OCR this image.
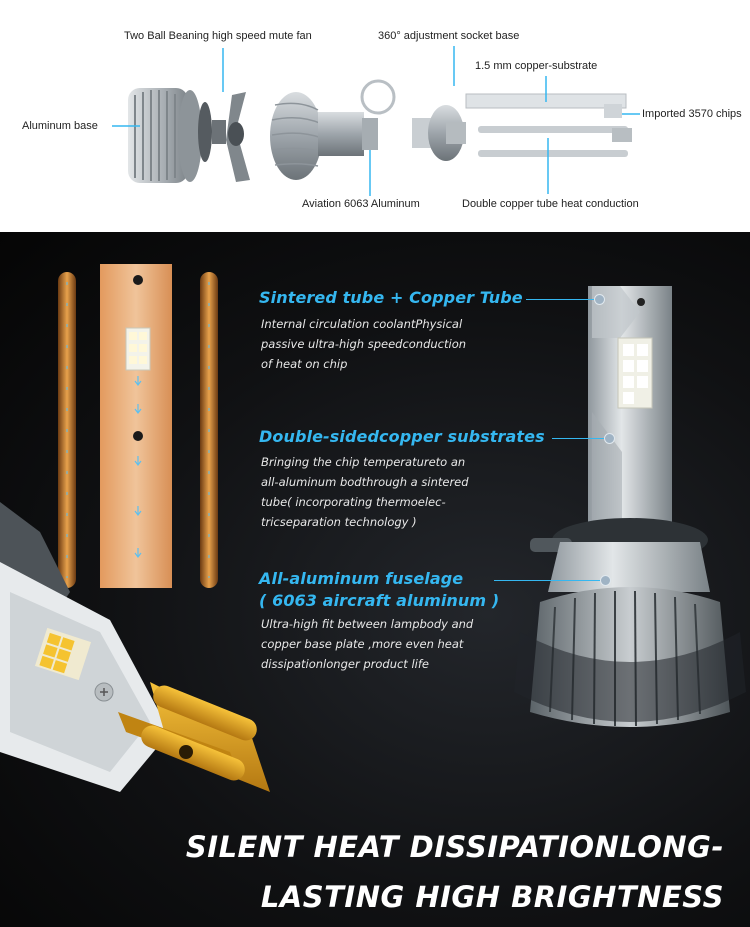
Two Ball Beaning high speed mute fan	360° adjustment socket base
1.5 mm copper-substrate
Aluminum base
Imported 3570 chips
Aviation 6063 Aluminum	Double copper tube heat conduction
Sintered tube + Copper Tube
Internal circulation coolantPhysical
passive ultra-high speedconduction
of heat on chip
Double-sidedcopper substrates
Bringing the chip temperatureto an
all-aluminum bodthrough a sintered
tube( incorporating thermoelec-
tricseparation technology )
All-aluminum fuselage
( 6063 aircraft aluminum )
Ultra-high fit between lampbody and
copper base plate ,more even heat
dissipationlonger product life
SILENT HEAT DISSIPATIONLONG-
LASTING HIGH BRIGHTNESS
